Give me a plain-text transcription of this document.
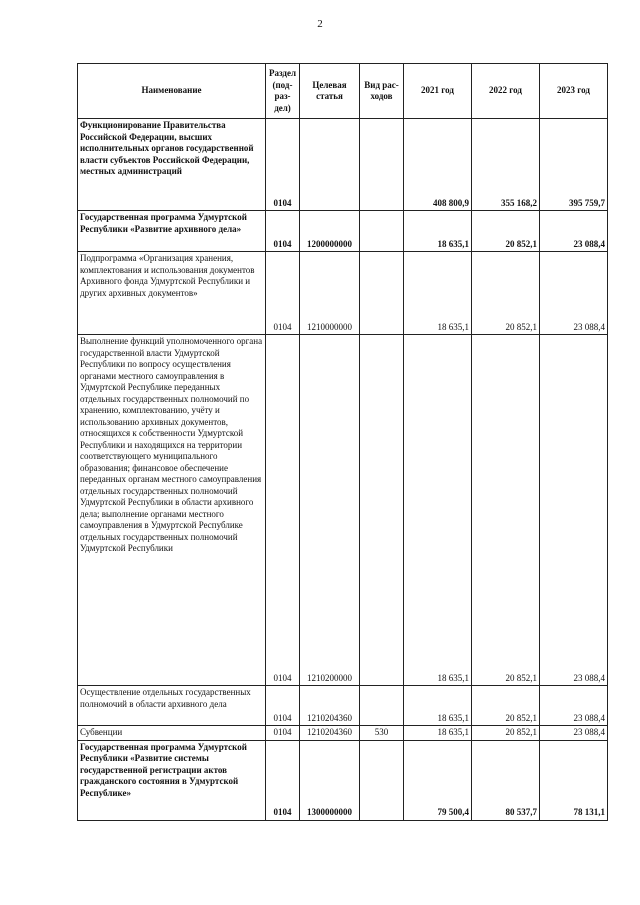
2
Наименование	Раздел (под-раз-дел)	Целевая статья	Вид рас-ходов	2021 год	2022 год	2023 год
Функционирование Правительства Российской Федерации, высших исполнительных органов государственной власти субъектов Российской Федерации, местных администраций	0104			408 800,9	355 168,2	395 759,7
Государственная программа Удмуртской Республики «Развитие архивного дела»	0104	1200000000		18 635,1	20 852,1	23 088,4
Подпрограмма «Организация хранения, комплектования и использования документов Архивного фонда Удмуртской Республики и других архивных документов»	0104	1210000000		18 635,1	20 852,1	23 088,4
Выполнение функций уполномоченного органа государственной власти Удмуртской Республики по вопросу осуществления органами местного самоуправления в Удмуртской Республике переданных отдельных государственных полномочий по хранению, комплектованию, учёту и использованию архивных документов, относящихся к собственности Удмуртской Республики и находящихся на территории соответствующего муниципального образования; финансовое обеспечение переданных органам местного самоуправления отдельных государственных полномочий Удмуртской Республики в области архивного дела; выполнение органами местного самоуправления в Удмуртской Республике отдельных государственных полномочий Удмуртской Республики	0104	1210200000		18 635,1	20 852,1	23 088,4
Осуществление отдельных государственных полномочий в области архивного дела	0104	1210204360		18 635,1	20 852,1	23 088,4
Субвенции	0104	1210204360	530	18 635,1	20 852,1	23 088,4
Государственная программа Удмуртской Республики «Развитие системы государственной регистрации актов гражданского состояния в Удмуртской Республике»	0104	1300000000		79 500,4	80 537,7	78 131,1
